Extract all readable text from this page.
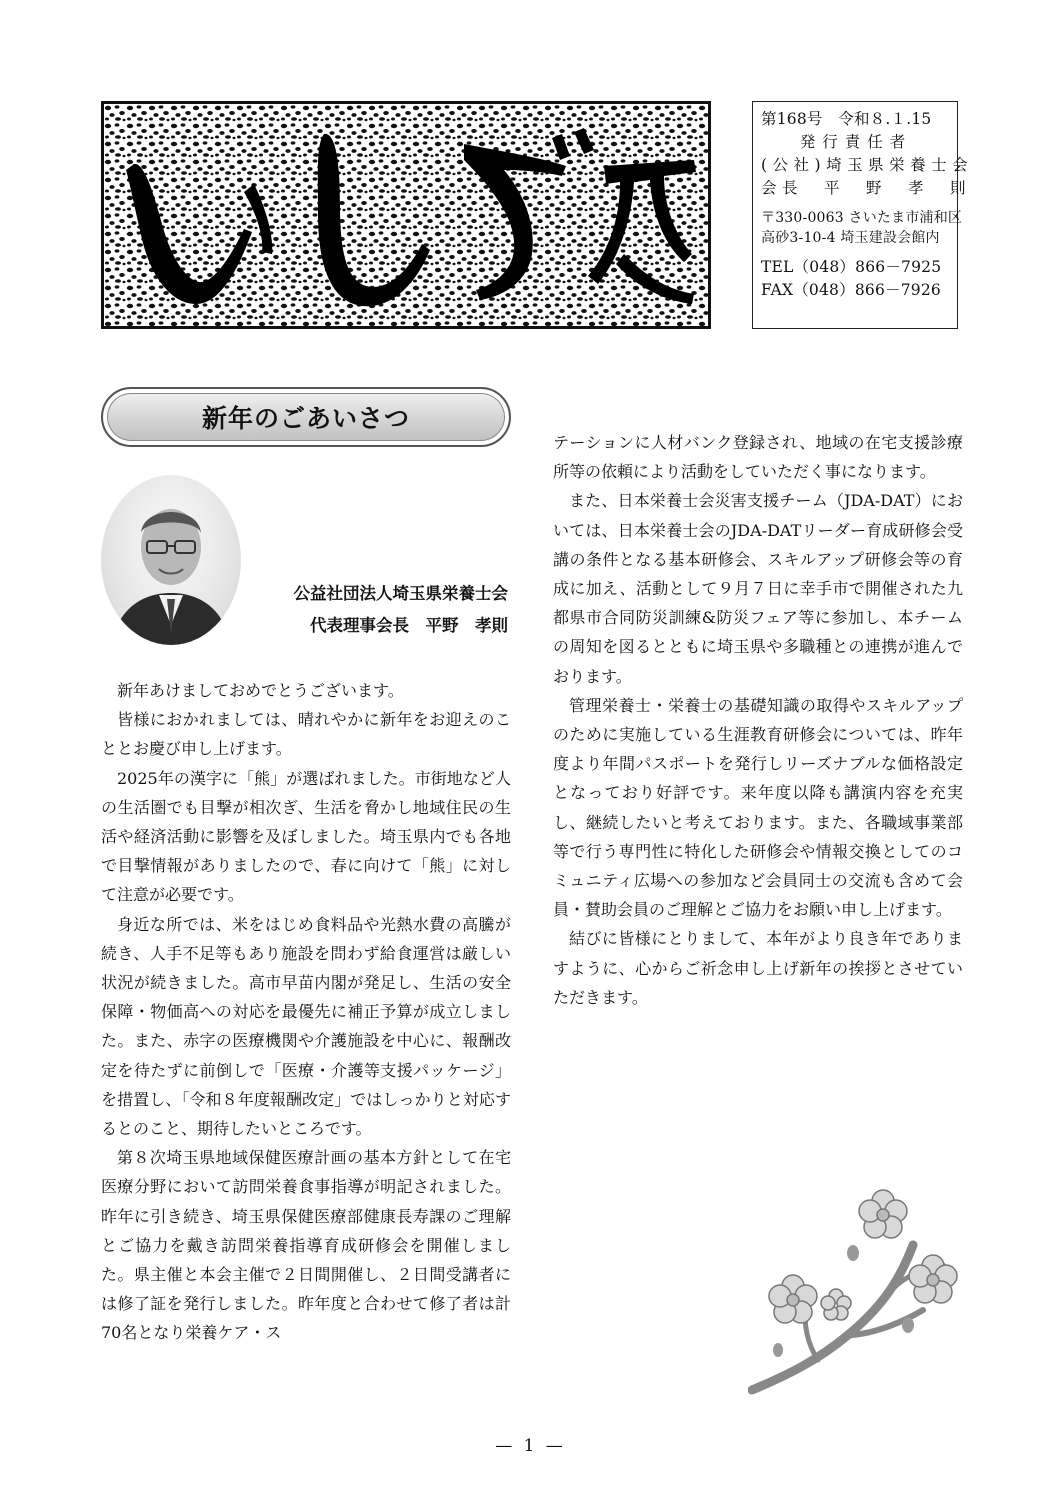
第168号　令和８.１.15
発行責任者
(公社)埼玉県栄養士会
会長　平　野　孝　則
〒330-0063 さいたま市浦和区
高砂3-10-4 埼玉建設会館内
TEL（048）866－7925
FAX（048）866－7926
新年のごあいさつ
公益社団法人埼玉県栄養士会
代表理事会長　平野　孝則

新年あけましておめでとうございます。

皆様におかれましては、晴れやかに新年をお迎えのこととお慶び申し上げます。

2025年の漢字に「熊」が選ばれました。市街地など人の生活圏でも目撃が相次ぎ、生活を脅かし地域住民の生活や経済活動に影響を及ぼしました。埼玉県内でも各地で目撃情報がありましたので、春に向けて「熊」に対して注意が必要です。

身近な所では、米をはじめ食料品や光熱水費の高騰が続き、人手不足等もあり施設を問わず給食運営は厳しい状況が続きました。高市早苗内閣が発足し、生活の安全保障・物価高への対応を最優先に補正予算が成立しました。また、赤字の医療機関や介護施設を中心に、報酬改定を待たずに前倒しで「医療・介護等支援パッケージ」を措置し、「令和８年度報酬改定」ではしっかりと対応するとのこと、期待したいところです。

第８次埼玉県地域保健医療計画の基本方針として在宅医療分野において訪問栄養食事指導が明記されました。昨年に引き続き、埼玉県保健医療部健康長寿課のご理解とご協力を戴き訪問栄養指導育成研修会を開催しました。県主催と本会主催で２日間開催し、２日間受講者には修了証を発行しました。昨年度と合わせて修了者は計70名となり栄養ケア・ス

テーションに人材バンク登録され、地域の在宅支援診療所等の依頼により活動をしていただく事になります。

また、日本栄養士会災害支援チーム（JDA-DAT）においては、日本栄養士会のJDA-DATリーダー育成研修会受講の条件となる基本研修会、スキルアップ研修会等の育成に加え、活動として９月７日に幸手市で開催された九都県市合同防災訓練&防災フェア等に参加し、本チームの周知を図るとともに埼玉県や多職種との連携が進んでおります。

管理栄養士・栄養士の基礎知識の取得やスキルアップのために実施している生涯教育研修会については、昨年度より年間パスポートを発行しリーズナブルな価格設定となっており好評です。来年度以降も講演内容を充実し、継続したいと考えております。また、各職域事業部等で行う専門性に特化した研修会や情報交換としてのコミュニティ広場への参加など会員同士の交流も含めて会員・賛助会員のご理解とご協力をお願い申し上げます。

結びに皆様にとりまして、本年がより良き年でありますように、心からご祈念申し上げ新年の挨拶とさせていただきます。

— 1 —
